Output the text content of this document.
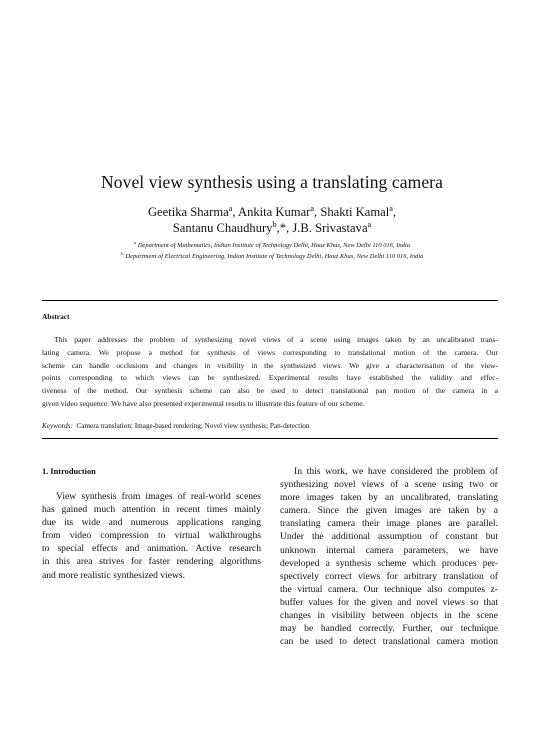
Novel view synthesis using a translating camera
Geetika Sharma$^a$, Ankita Kumar$^a$, Shakti Kamal$^a$,
Santanu Chaudhury$^b$,*, J.B. Srivastava$^a$
$^a$ Department of Mathematics, Indian Institute of Technology Delhi, Hauz Khas, New Delhi 110 016, India
$^{b,}$ Department of Electrical Engineering, Indian Institute of Technology Delhi, Hauz Khas, New Delhi 110 016, India
Abstract
This paper addresses the problem of synthesizing novel views of a scene using images taken by an uncalibrated trans-
lating camera. We propose a method for synthesis of views corresponding to translational motion of the camera. Our
scheme can handle occlusions and changes in visibility in the synthesized views. We give a characterisation of the view-
points corresponding to which views can be synthesized. Experimental results have established the validity and effec-
tiveness of the method. Our synthesis scheme can also be used to detect translational pan motion of the camera in a
given video sequence. We have also presented experimental results to illustrate this feature of our scheme.
Keywords: Camera translation; Image-based rendering; Novel view synthesis; Pan-detection
1. Introduction
View synthesis from images of real-world scenes
has gained much attention in recent times mainly
due its wide and numerous applications ranging
from video compression to virtual walkthroughs
to special effects and animation. Active research
in this area strives for faster rendering algorithms
and more realistic synthesized views.
In this work, we have considered the problem of
synthesizing novel views of a scene using two or
more images taken by an uncalibrated, translating
camera. Since the given images are taken by a
translating camera their image planes are parallel.
Under the additional assumption of constant but
unknown internal camera parameters, we have
developed a synthesis scheme which produces per-
spectively correct views for arbitrary translation of
the virtual camera. Our technique also computes z-
buffer values for the given and novel views so that
changes in visibility between objects in the scene
may be handled correctly. Further, our technique
can be used to detect translational camera motion
